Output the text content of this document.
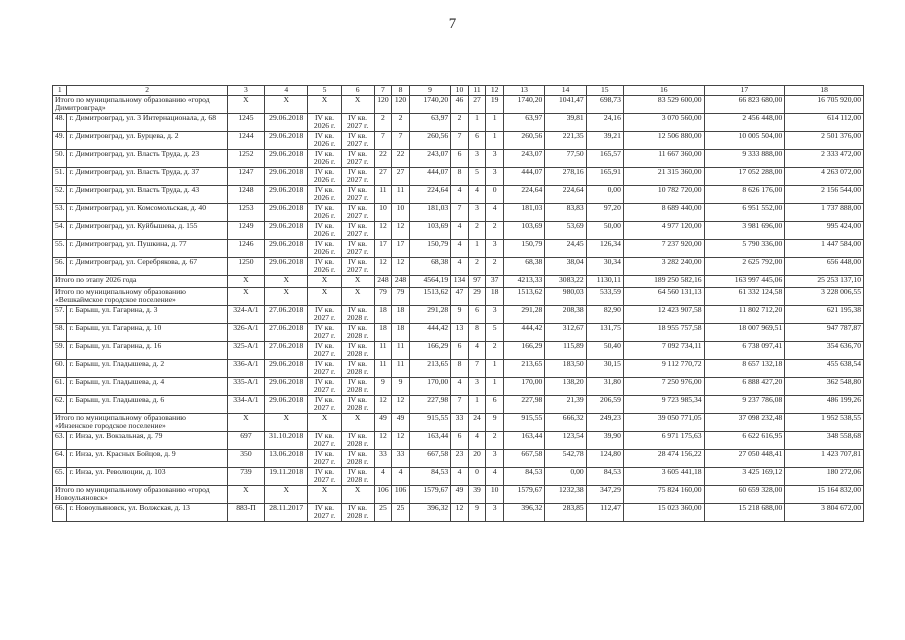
7
1	2	3	4	5	6	7	8	9	10	11	12	13	14	15	16	17	18
Итого по муниципальному образованию «город Димитровград»		X	X	X	X	120	120	1740,20	46	27	19	1740,20	1041,47	698,73	83 529 600,00	66 823 680,00	16 705 920,00
48.	г. Димитровград, ул. 3 Интернационала, д. 68	1245	29.06.2018	IV кв. 2026 г.	IV кв. 2027 г.	2	2	63,97	2	1	1	63,97	39,81	24,16	3 070 560,00	2 456 448,00	614 112,00
49.	г. Димитровград, ул. Бурцева, д. 2	1244	29.06.2018	IV кв. 2026 г.	IV кв. 2027 г.	7	7	260,56	7	6	1	260,56	221,35	39,21	12 506 880,00	10 005 504,00	2 501 376,00
50.	г. Димитровград, ул. Власть Труда, д. 23	1252	29.06.2018	IV кв. 2026 г.	IV кв. 2027 г.	22	22	243,07	6	3	3	243,07	77,50	165,57	11 667 360,00	9 333 888,00	2 333 472,00
51.	г. Димитровград, ул. Власть Труда, д. 37	1247	29.06.2018	IV кв. 2026 г.	IV кв. 2027 г.	27	27	444,07	8	5	3	444,07	278,16	165,91	21 315 360,00	17 052 288,00	4 263 072,00
52.	г. Димитровград, ул. Власть Труда, д. 43	1248	29.06.2018	IV кв. 2026 г.	IV кв. 2027 г.	11	11	224,64	4	4	0	224,64	224,64	0,00	10 782 720,00	8 626 176,00	2 156 544,00
53.	г. Димитровград, ул. Комсомольская, д. 40	1253	29.06.2018	IV кв. 2026 г.	IV кв. 2027 г.	10	10	181,03	7	3	4	181,03	83,83	97,20	8 689 440,00	6 951 552,00	1 737 888,00
54.	г. Димитровград, ул. Куйбышева, д. 155	1249	29.06.2018	IV кв. 2026 г.	IV кв. 2027 г.	12	12	103,69	4	2	2	103,69	53,69	50,00	4 977 120,00	3 981 696,00	995 424,00
55.	г. Димитровград, ул. Пушкина, д. 77	1246	29.06.2018	IV кв. 2026 г.	IV кв. 2027 г.	17	17	150,79	4	1	3	150,79	24,45	126,34	7 237 920,00	5 790 336,00	1 447 584,00
56.	г. Димитровград, ул. Серебрякова, д. 67	1250	29.06.2018	IV кв. 2026 г.	IV кв. 2027 г.	12	12	68,38	4	2	2	68,38	38,04	30,34	3 282 240,00	2 625 792,00	656 448,00
Итого по этапу 2026 года		X	X	X	X	248	248	4564,19	134	97	37	4213,33	3083,22	1130,11	189 250 582,16	163 997 445,06	25 253 137,10
Итого по муниципальному образованию «Вешкаймское городское поселение»		X	X	X	X	79	79	1513,62	47	29	18	1513,62	980,03	533,59	64 560 131,13	61 332 124,58	3 228 006,55
57.	г. Барыш, ул. Гагарина, д. 3	324-А/1	27.06.2018	IV кв. 2027 г.	IV кв. 2028 г.	18	18	291,28	9	6	3	291,28	208,38	82,90	12 423 907,58	11 802 712,20	621 195,38
58.	г. Барыш, ул. Гагарина, д. 10	326-А/1	27.06.2018	IV кв. 2027 г.	IV кв. 2028 г.	18	18	444,42	13	8	5	444,42	312,67	131,75	18 955 757,58	18 007 969,51	947 787,87
59.	г. Барыш, ул. Гагарина, д. 16	325-А/1	27.06.2018	IV кв. 2027 г.	IV кв. 2028 г.	11	11	166,29	6	4	2	166,29	115,89	50,40	7 092 734,11	6 738 097,41	354 636,70
60.	г. Барыш, ул. Гладышева, д. 2	336-А/1	29.06.2018	IV кв. 2027 г.	IV кв. 2028 г.	11	11	213,65	8	7	1	213,65	183,50	30,15	9 112 770,72	8 657 132,18	455 638,54
61.	г. Барыш, ул. Гладышева, д. 4	335-А/1	29.06.2018	IV кв. 2027 г.	IV кв. 2028 г.	9	9	170,00	4	3	1	170,00	138,20	31,80	7 250 976,00	6 888 427,20	362 548,80
62.	г. Барыш, ул. Гладышева, д. 6	334-А/1	29.06.2018	IV кв. 2027 г.	IV кв. 2028 г.	12	12	227,98	7	1	6	227,98	21,39	206,59	9 723 985,34	9 237 786,08	486 199,26
Итого по муниципальному образованию «Инзенское городское поселение»		X	X	X	X	49	49	915,55	33	24	9	915,55	666,32	249,23	39 050 771,05	37 098 232,48	1 952 538,55
63.	г. Инза, ул. Вокзальная, д. 79	697	31.10.2018	IV кв. 2027 г.	IV кв. 2028 г.	12	12	163,44	6	4	2	163,44	123,54	39,90	6 971 175,63	6 622 616,95	348 558,68
64.	г. Инза, ул. Красных Бойцов, д. 9	350	13.06.2018	IV кв. 2027 г.	IV кв. 2028 г.	33	33	667,58	23	20	3	667,58	542,78	124,80	28 474 156,22	27 050 448,41	1 423 707,81
65.	г. Инза, ул. Революции, д. 103	739	19.11.2018	IV кв. 2027 г.	IV кв. 2028 г.	4	4	84,53	4	0	4	84,53	0,00	84,53	3 605 441,18	3 425 169,12	180 272,06
Итого по муниципальному образованию «город Новоульяновск»		X	X	X	X	106	106	1579,67	49	39	10	1579,67	1232,38	347,29	75 824 160,00	60 659 328,00	15 164 832,00
66.	г. Новоульяновск, ул. Волжская, д. 13	883-П	28.11.2017	IV кв. 2027 г.	IV кв. 2028 г.	25	25	396,32	12	9	3	396,32	283,85	112,47	15 023 360,00	15 218 688,00	3 804 672,00
